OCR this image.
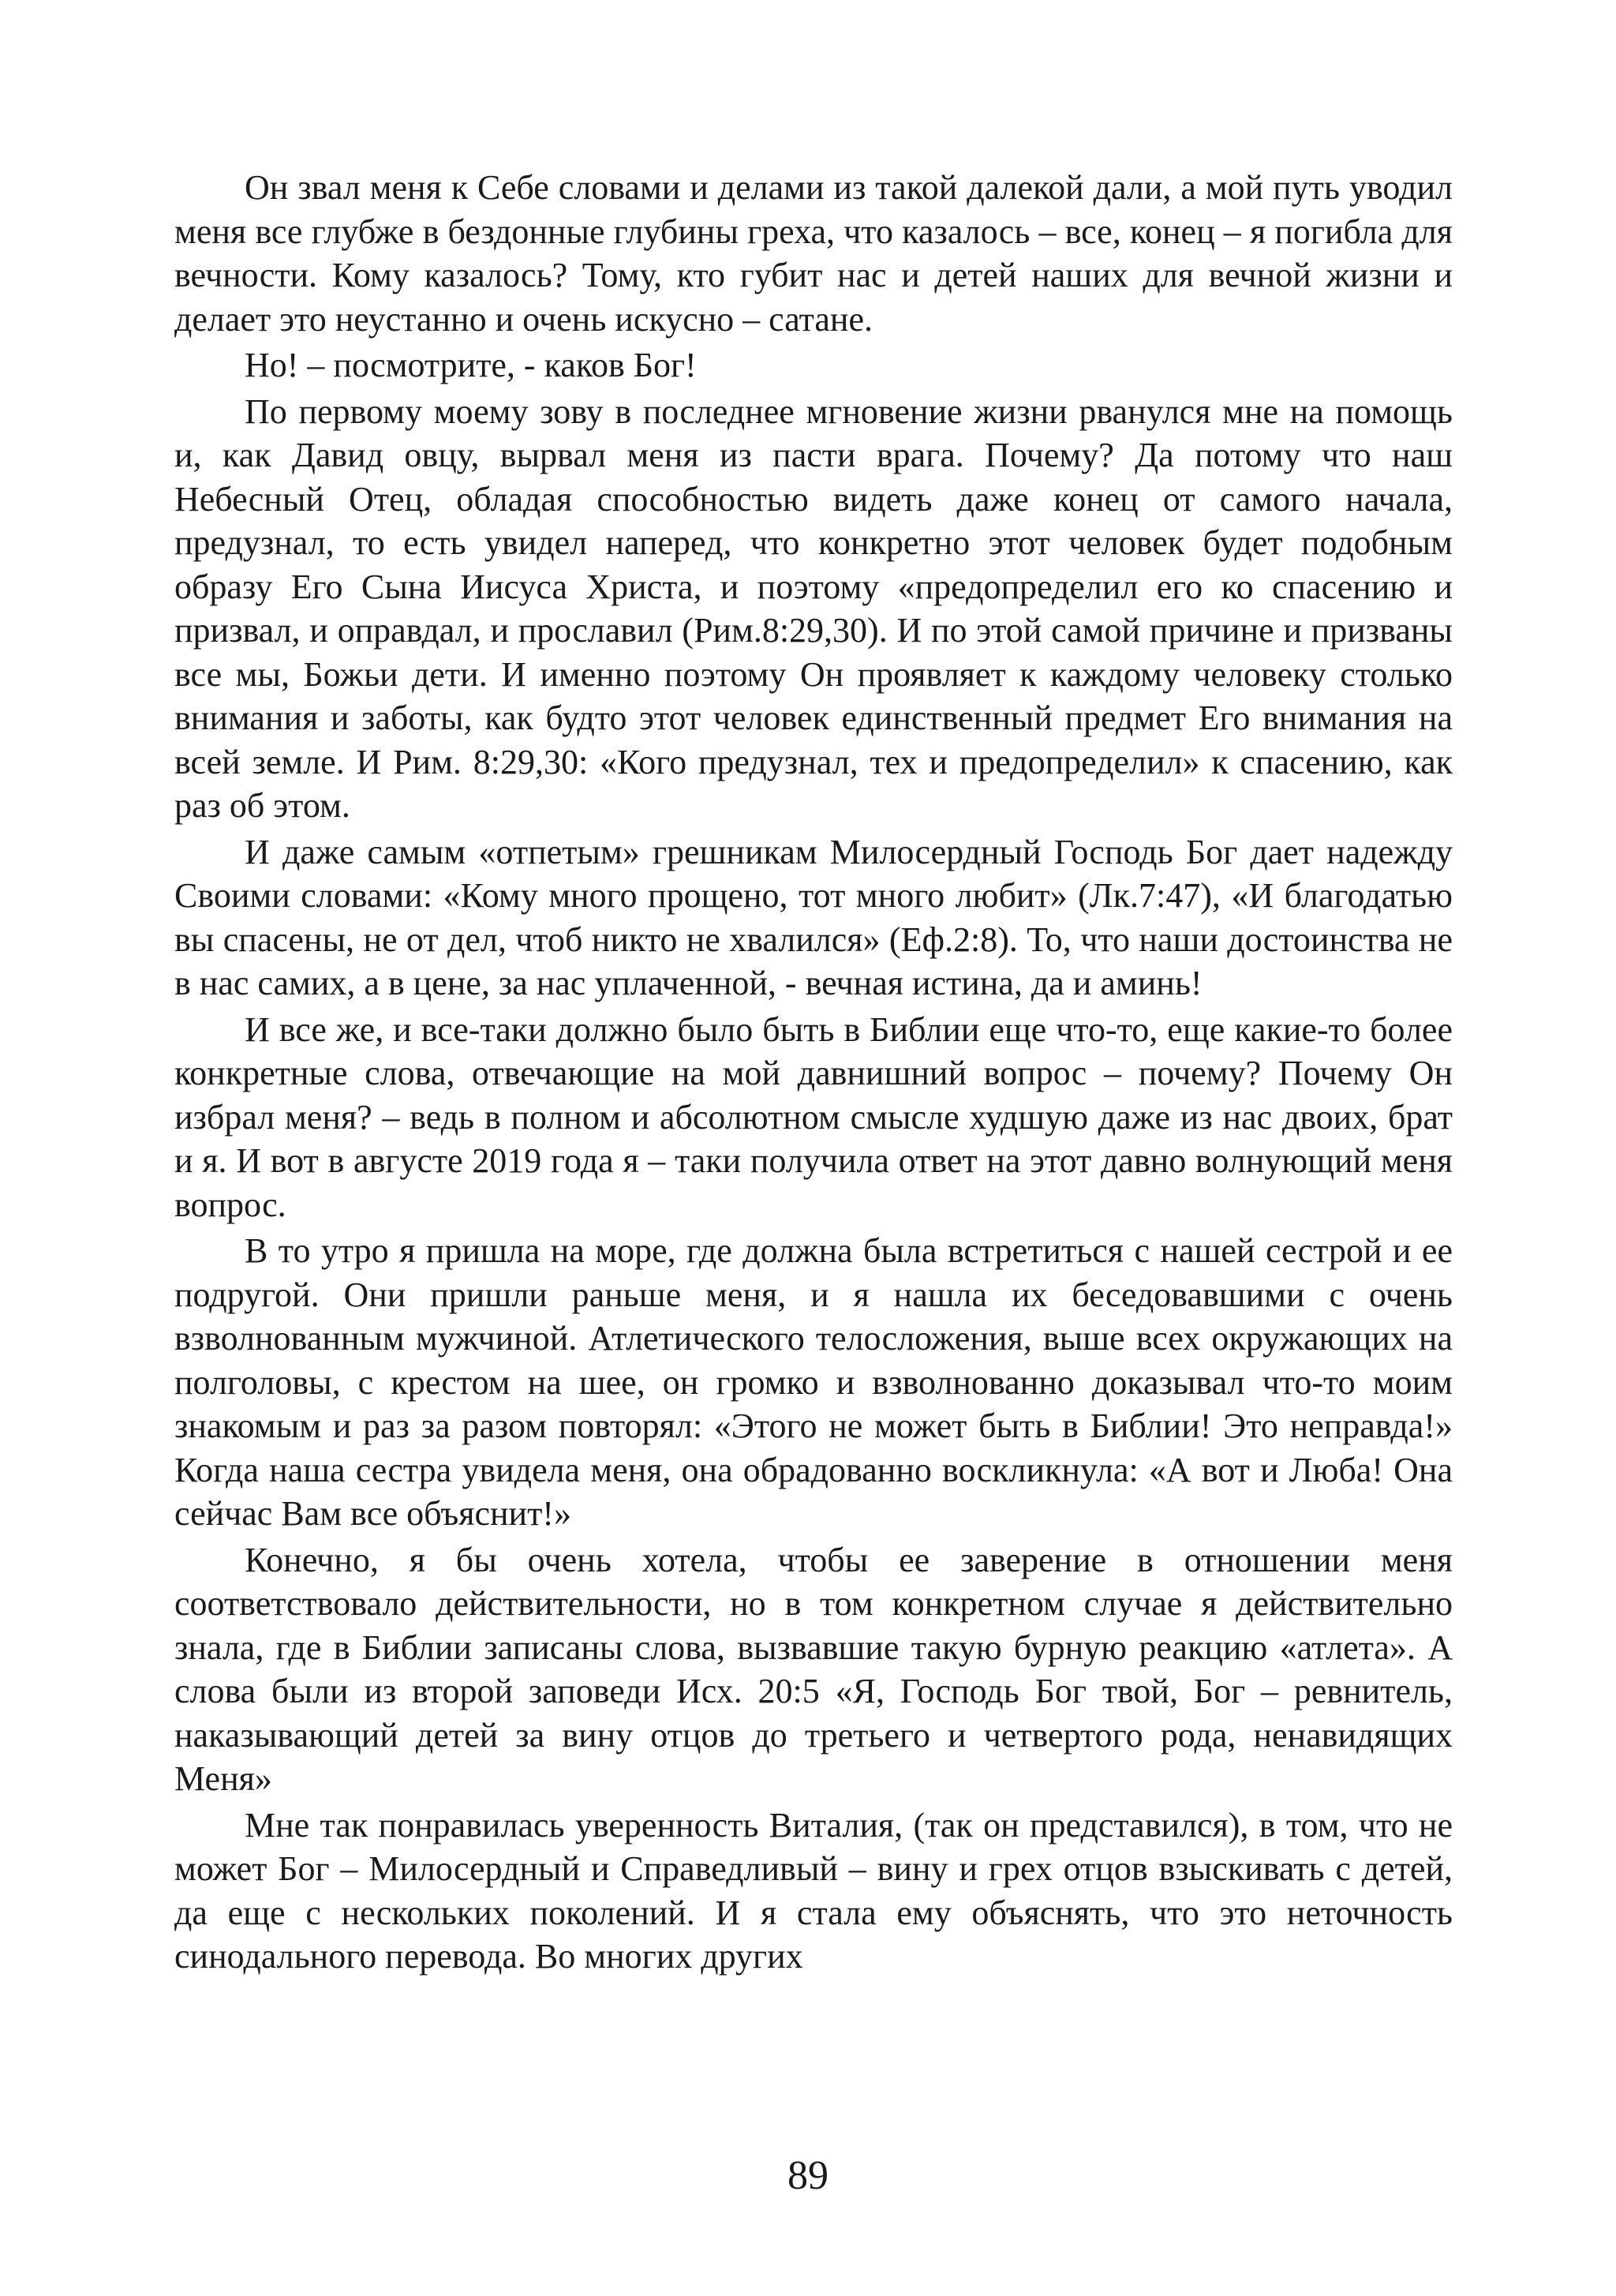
Он звал меня к Себе словами и делами из такой далекой дали, а мой путь уводил меня все глубже в бездонные глубины греха, что казалось – все, конец – я погибла для вечности. Кому казалось? Тому, кто губит нас и детей наших для вечной жизни и делает это неустанно и очень искусно – сатане.

Но! – посмотрите, - каков Бог!

По первому моему зову в последнее мгновение жизни рванулся мне на помощь и, как Давид овцу, вырвал меня из пасти врага. Почему? Да потому что наш Небесный Отец, обладая способностью видеть даже конец от самого начала, предузнал, то есть увидел наперед, что конкретно этот человек будет подобным образу Его Сына Иисуса Христа, и поэтому «предопределил его ко спасению и призвал, и оправдал, и прославил (Рим.8:29,30). И по этой самой причине и призваны все мы, Божьи дети. И именно поэтому Он проявляет к каждому человеку столько внимания и заботы, как будто этот человек единственный предмет Его внимания на всей земле. И Рим. 8:29,30: «Кого предузнал, тех и предопределил» к спасению, как раз об этом.

И даже самым «отпетым» грешникам Милосердный Господь Бог дает надежду Своими словами: «Кому много прощено, тот много любит» (Лк.7:47), «И благодатью вы спасены, не от дел, чтоб никто не хвалился» (Еф.2:8). То, что наши достоинства не в нас самих, а в цене, за нас уплаченной, - вечная истина, да и аминь!

И все же, и все-таки должно было быть в Библии еще что-то, еще какие-то более конкретные слова, отвечающие на мой давнишний вопрос – почему? Почему Он избрал меня? – ведь в полном и абсолютном смысле худшую даже из нас двоих, брат и я. И вот в августе 2019 года я – таки получила ответ на этот давно волнующий меня вопрос.

В то утро я пришла на море, где должна была встретиться с нашей сестрой и ее подругой. Они пришли раньше меня, и я нашла их беседовавшими с очень взволнованным мужчиной. Атлетического телосложения, выше всех окружающих на полголовы, с крестом на шее, он громко и взволнованно доказывал что-то моим знакомым и раз за разом повторял: «Этого не может быть в Библии! Это неправда!» Когда наша сестра увидела меня, она обрадованно воскликнула: «А вот и Люба! Она сейчас Вам все объяснит!»

Конечно, я бы очень хотела, чтобы ее заверение в отношении меня соответствовало действительности, но в том конкретном случае я действительно знала, где в Библии записаны слова, вызвавшие такую бурную реакцию «атлета». А слова были из второй заповеди Исх. 20:5 «Я, Господь Бог твой, Бог – ревнитель, наказывающий детей за вину отцов до третьего и четвертого рода, ненавидящих Меня»

Мне так понравилась уверенность Виталия, (так он представился), в том, что не может Бог – Милосердный и Справедливый – вину и грех отцов взыскивать с детей, да еще с нескольких поколений. И я стала ему объяснять, что это неточность синодального перевода. Во многих других

89
